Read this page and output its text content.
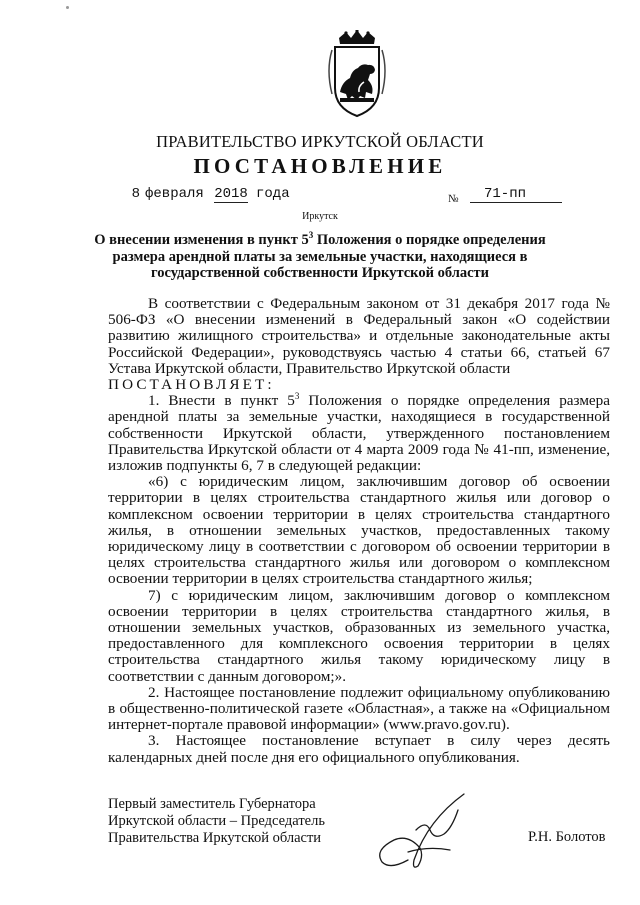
ПРАВИТЕЛЬСТВО ИРКУТСКОЙ ОБЛАСТИ
ПОСТАНОВЛЕНИЕ
8 февраля 2018 года	№	71-пп
Иркутск
О внесении изменения в пункт $5^3$ Положения о порядке определения
размера арендной платы за земельные участки, находящиеся в
государственной собственности Иркутской области

В соответствии с Федеральным законом от 31 декабря 2017 года № 506-ФЗ «О внесении изменений в Федеральный закон «О содействии развитию жилищного строительства» и отдельные законодательные акты Российской Федерации», руководствуясь частью 4 статьи 66, статьей 67 Устава Иркутской области, Правительство Иркутской области

ПОСТАНОВЛЯЕТ:

1. Внести в пункт $5^3$ Положения о порядке определения размера арендной платы за земельные участки, находящиеся в государственной собственности Иркутской области, утвержденного постановлением Правительства Иркутской области от 4 марта 2009 года № 41-пп, изменение, изложив подпункты 6, 7 в следующей редакции:

«6) с юридическим лицом, заключившим договор об освоении территории в целях строительства стандартного жилья или договор о комплексном освоении территории в целях строительства стандартного жилья, в отношении земельных участков, предоставленных такому юридическому лицу в соответствии с договором об освоении территории в целях строительства стандартного жилья или договором о комплексном освоении территории в целях строительства стандартного жилья;

7) с юридическим лицом, заключившим договор о комплексном освоении территории в целях строительства стандартного жилья, в отношении земельных участков, образованных из земельного участка, предоставленного для комплексного освоения территории в целях строительства стандартного жилья такому юридическому лицу в соответствии с данным договором;».

2. Настоящее постановление подлежит официальному опубликованию в общественно-политической газете «Областная», а также на «Официальном интернет-портале правовой информации» (www.pravo.gov.ru).

3. Настоящее постановление вступает в силу через десять календарных дней после дня его официального опубликования.

Первый заместитель Губернатора
Иркутской области – Председатель
Правительства Иркутской области	Р.Н. Болотов
